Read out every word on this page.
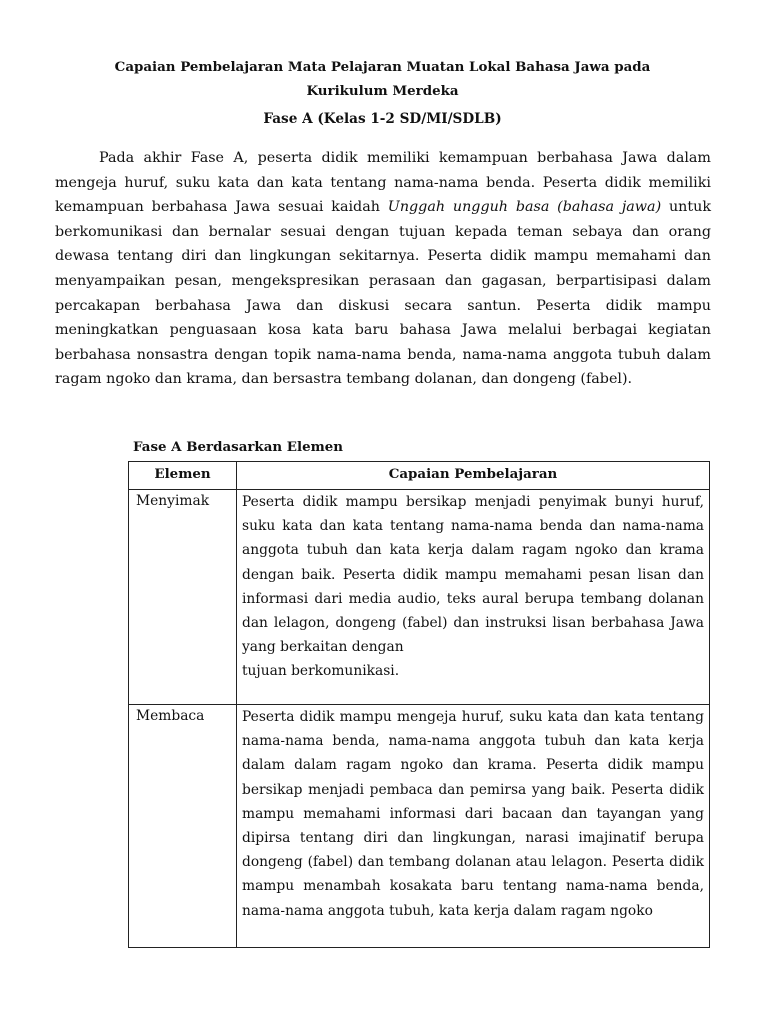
Capaian Pembelajaran Mata Pelajaran Muatan Lokal Bahasa Jawa pada

Kurikulum Merdeka

Fase A (Kelas 1-2 SD/MI/SDLB)

Pada akhir Fase A, peserta didik memiliki kemampuan berbahasa Jawa dalam mengeja huruf, suku kata dan kata tentang nama-nama benda. Peserta didik memiliki kemampuan berbahasa Jawa sesuai kaidah Unggah ungguh basa (bahasa jawa) untuk berkomunikasi dan bernalar sesuai dengan tujuan kepada teman sebaya dan orang dewasa tentang diri dan lingkungan sekitarnya. Peserta didik mampu memahami dan menyampaikan pesan, mengekspresikan perasaan dan gagasan, berpartisipasi dalam percakapan berbahasa Jawa dan diskusi secara santun. Peserta didik mampu meningkatkan penguasaan kosa kata baru bahasa Jawa melalui berbagai kegiatan berbahasa nonsastra dengan topik nama-nama benda, nama-nama anggota tubuh dalam ragam ngoko dan krama, dan bersastra tembang dolanan, dan dongeng (fabel).

Fase A Berdasarkan Elemen

Elemen	Capaian Pembelajaran
Menyimak	Peserta didik mampu bersikap menjadi penyimak bunyi huruf, suku kata dan kata tentang nama-nama benda dan nama-nama anggota tubuh dan kata kerja dalam ragam ngoko dan krama dengan baik. Peserta didik mampu memahami pesan lisan dan informasi dari media audio, teks aural berupa tembang dolanan dan lelagon, dongeng (fabel) dan instruksi lisan berbahasa Jawa yang berkaitan dengan
tujuan berkomunikasi.

Membaca	Peserta didik mampu mengeja huruf, suku kata dan kata tentang nama-nama benda, nama-nama anggota tubuh dan kata kerja dalam dalam ragam ngoko dan krama. Peserta didik mampu bersikap menjadi pembaca dan pemirsa yang baik. Peserta didik mampu memahami informasi dari bacaan dan tayangan yang dipirsa tentang diri dan lingkungan, narasi imajinatif berupa dongeng (fabel) dan tembang dolanan atau lelagon. Peserta didik mampu menambah kosakata baru tentang nama-nama benda, nama-nama anggota tubuh, kata kerja dalam ragam ngoko
